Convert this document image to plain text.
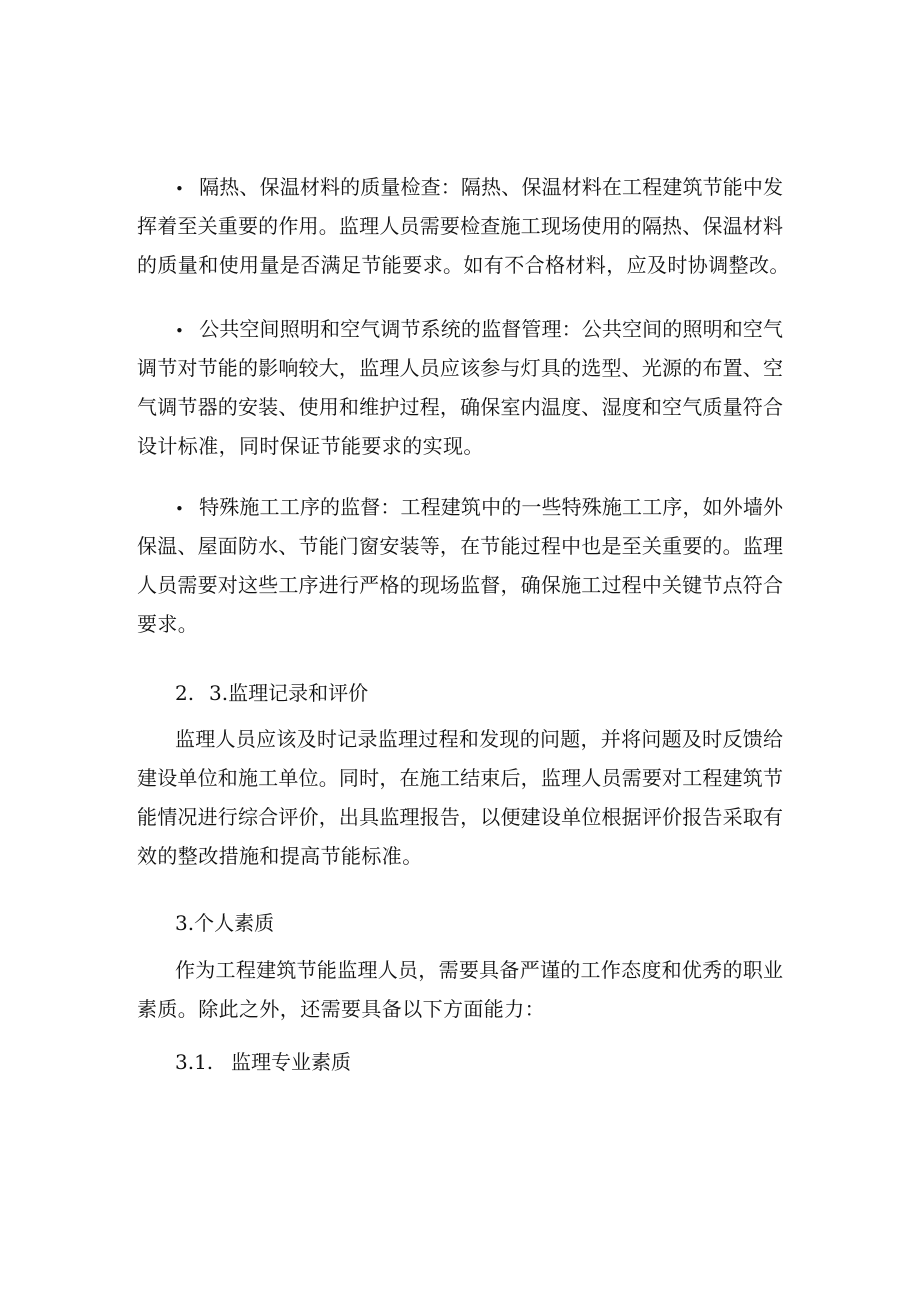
• 隔热、保温材料的质量检查：隔热、保温材料在工程建筑节能中发
挥着至关重要的作用。监理人员需要检查施工现场使用的隔热、保温材料
的质量和使用量是否满足节能要求。如有不合格材料，应及时协调整改。
• 公共空间照明和空气调节系统的监督管理：公共空间的照明和空气
调节对节能的影响较大，监理人员应该参与灯具的选型、光源的布置、空
气调节器的安装、使用和维护过程，确保室内温度、湿度和空气质量符合
设计标准，同时保证节能要求的实现。
• 特殊施工工序的监督：工程建筑中的一些特殊施工工序，如外墙外
保温、屋面防水、节能门窗安装等，在节能过程中也是至关重要的。监理
人员需要对这些工序进行严格的现场监督，确保施工过程中关键节点符合
要求。
2. 3.监理记录和评价
监理人员应该及时记录监理过程和发现的问题，并将问题及时反馈给
建设单位和施工单位。同时，在施工结束后，监理人员需要对工程建筑节
能情况进行综合评价，出具监理报告，以便建设单位根据评价报告采取有
效的整改措施和提高节能标准。
3.个人素质
作为工程建筑节能监理人员，需要具备严谨的工作态度和优秀的职业
素质。除此之外，还需要具备以下方面能力：
3.1. 监理专业素质
